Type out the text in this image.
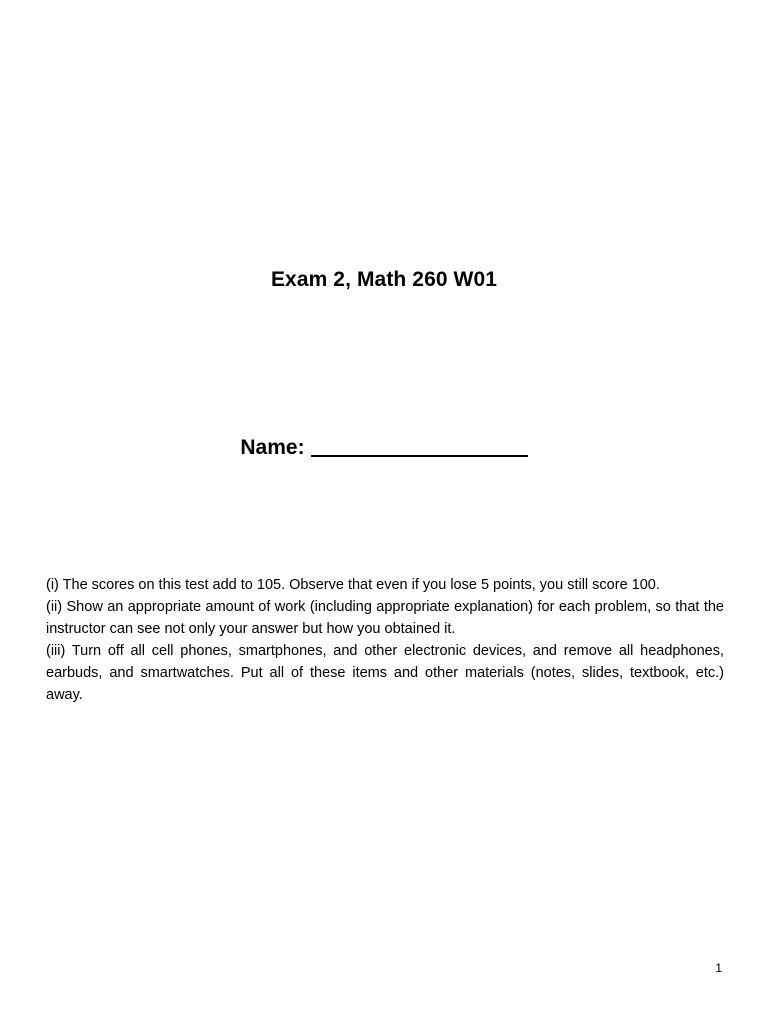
Exam 2, Math 260 W01
Name:

(i) The scores on this test add to 105. Observe that even if you lose 5 points, you still score 100.

(ii) Show an appropriate amount of work (including appropriate explanation) for each problem, so that the instructor can see not only your answer but how you obtained it.

(iii) Turn off all cell phones, smartphones, and other electronic devices, and remove all headphones, earbuds, and smartwatches. Put all of these items and other materials (notes, slides, textbook, etc.) away.

1
